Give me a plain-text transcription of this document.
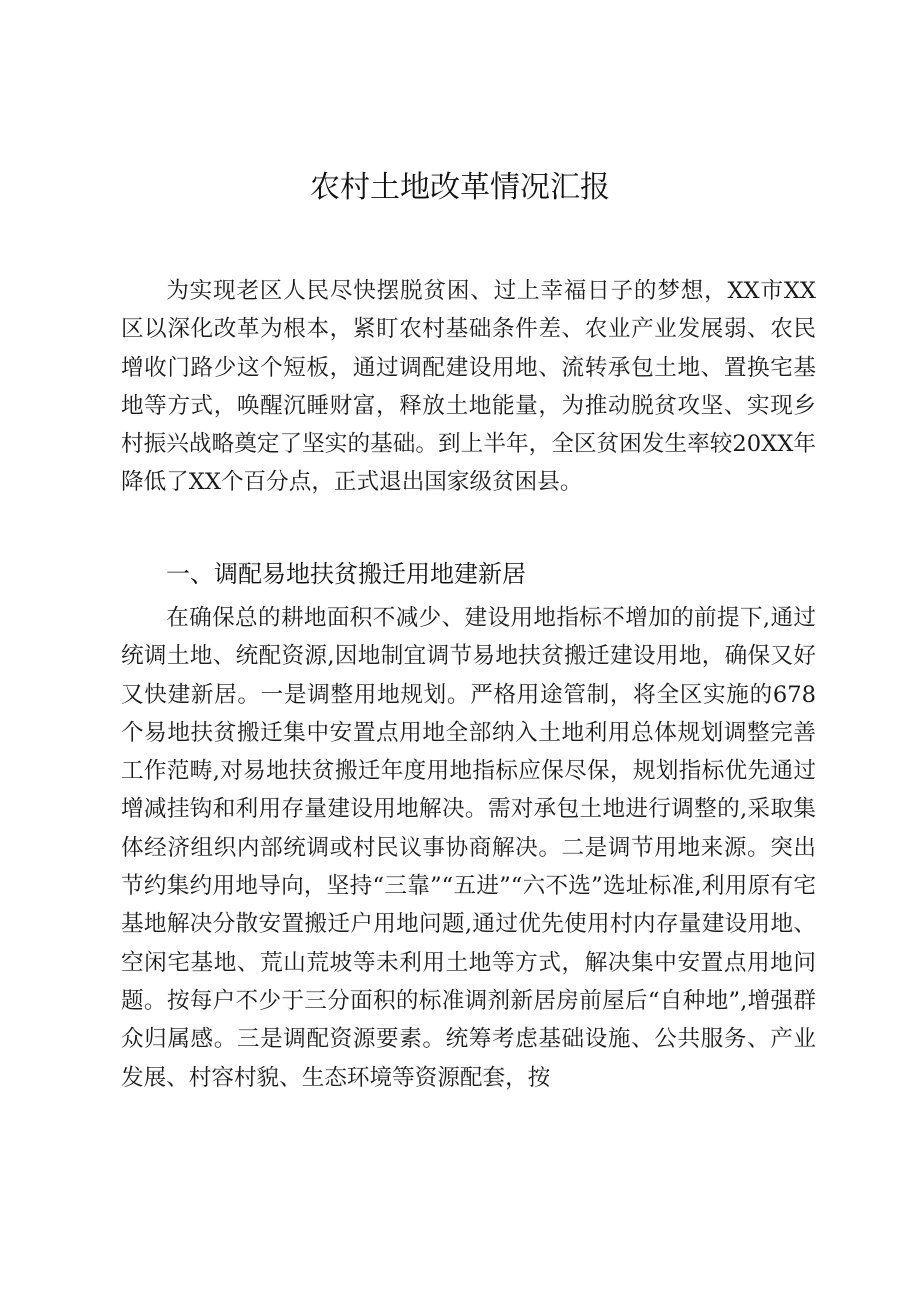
农村土地改革情况汇报

为实现老区人民尽快摆脱贫困、过上幸福日子的梦想，XX市XX区以深化改革为根本，紧盯农村基础条件差、农业产业发展弱、农民增收门路少这个短板，通过调配建设用地、流转承包土地、置换宅基地等方式，唤醒沉睡财富，释放土地能量，为推动脱贫攻坚、实现乡村振兴战略奠定了坚实的基础。到上半年，全区贫困发生率较20XX年降低了XX个百分点，正式退出国家级贫困县。

一、调配易地扶贫搬迁用地建新居

在确保总的耕地面积不减少、建设用地指标不增加的前提下,通过统调土地、统配资源,因地制宜调节易地扶贫搬迁建设用地，确保又好又快建新居。一是调整用地规划。严格用途管制，将全区实施的678个易地扶贫搬迁集中安置点用地全部纳入土地利用总体规划调整完善工作范畴,对易地扶贫搬迁年度用地指标应保尽保，规划指标优先通过增减挂钩和利用存量建设用地解决。需对承包土地进行调整的,采取集体经济组织内部统调或村民议事协商解决。二是调节用地来源。突出节约集约用地导向，坚持“三靠”“五进”“六不选”选址标准,利用原有宅基地解决分散安置搬迁户用地问题,通过优先使用村内存量建设用地、空闲宅基地、荒山荒坡等未利用土地等方式，解决集中安置点用地问题。按每户不少于三分面积的标准调剂新居房前屋后“自种地”,增强群众归属感。三是调配资源要素。统筹考虑基础设施、公共服务、产业发展、村容村貌、生态环境等资源配套，按
